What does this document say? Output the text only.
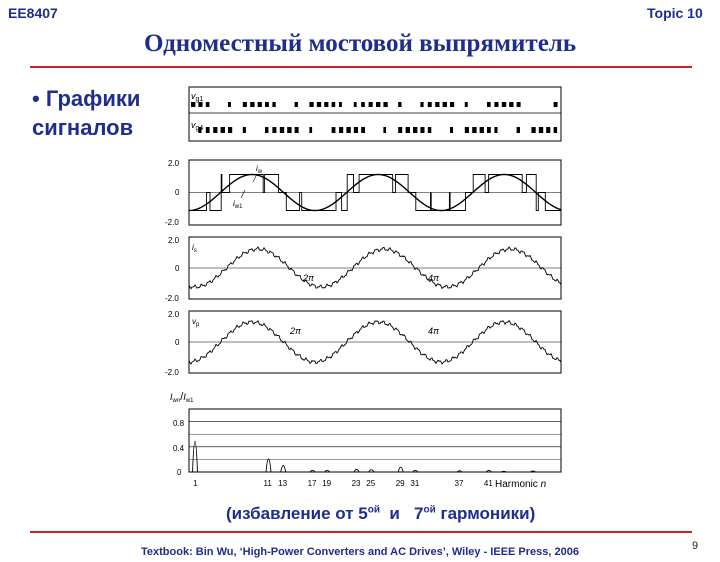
EE8407	Topic 10
Одноместный мостовой выпрямитель
• Графики
сигналов
$v_{g1}$
$v_{g4}$
2.0
0
-2.0
$i_w$
$i_{w1}$
2.0
0
-2.0
$i_s$
2π	4π
2.0
0
-2.0
$v_p$
2π	4π
$I_{wn}/I_{w1}$
0.8
0.4
0
1	11 13	17 19	23 25	29 31	37	41 Harmonic n
(избавление от $5^{ой}$  и   $7^{ой}$ гармоники)
Textbook: Bin Wu, ‘High-Power Converters and AC Drives’, Wiley - IEEE Press, 2006	9
